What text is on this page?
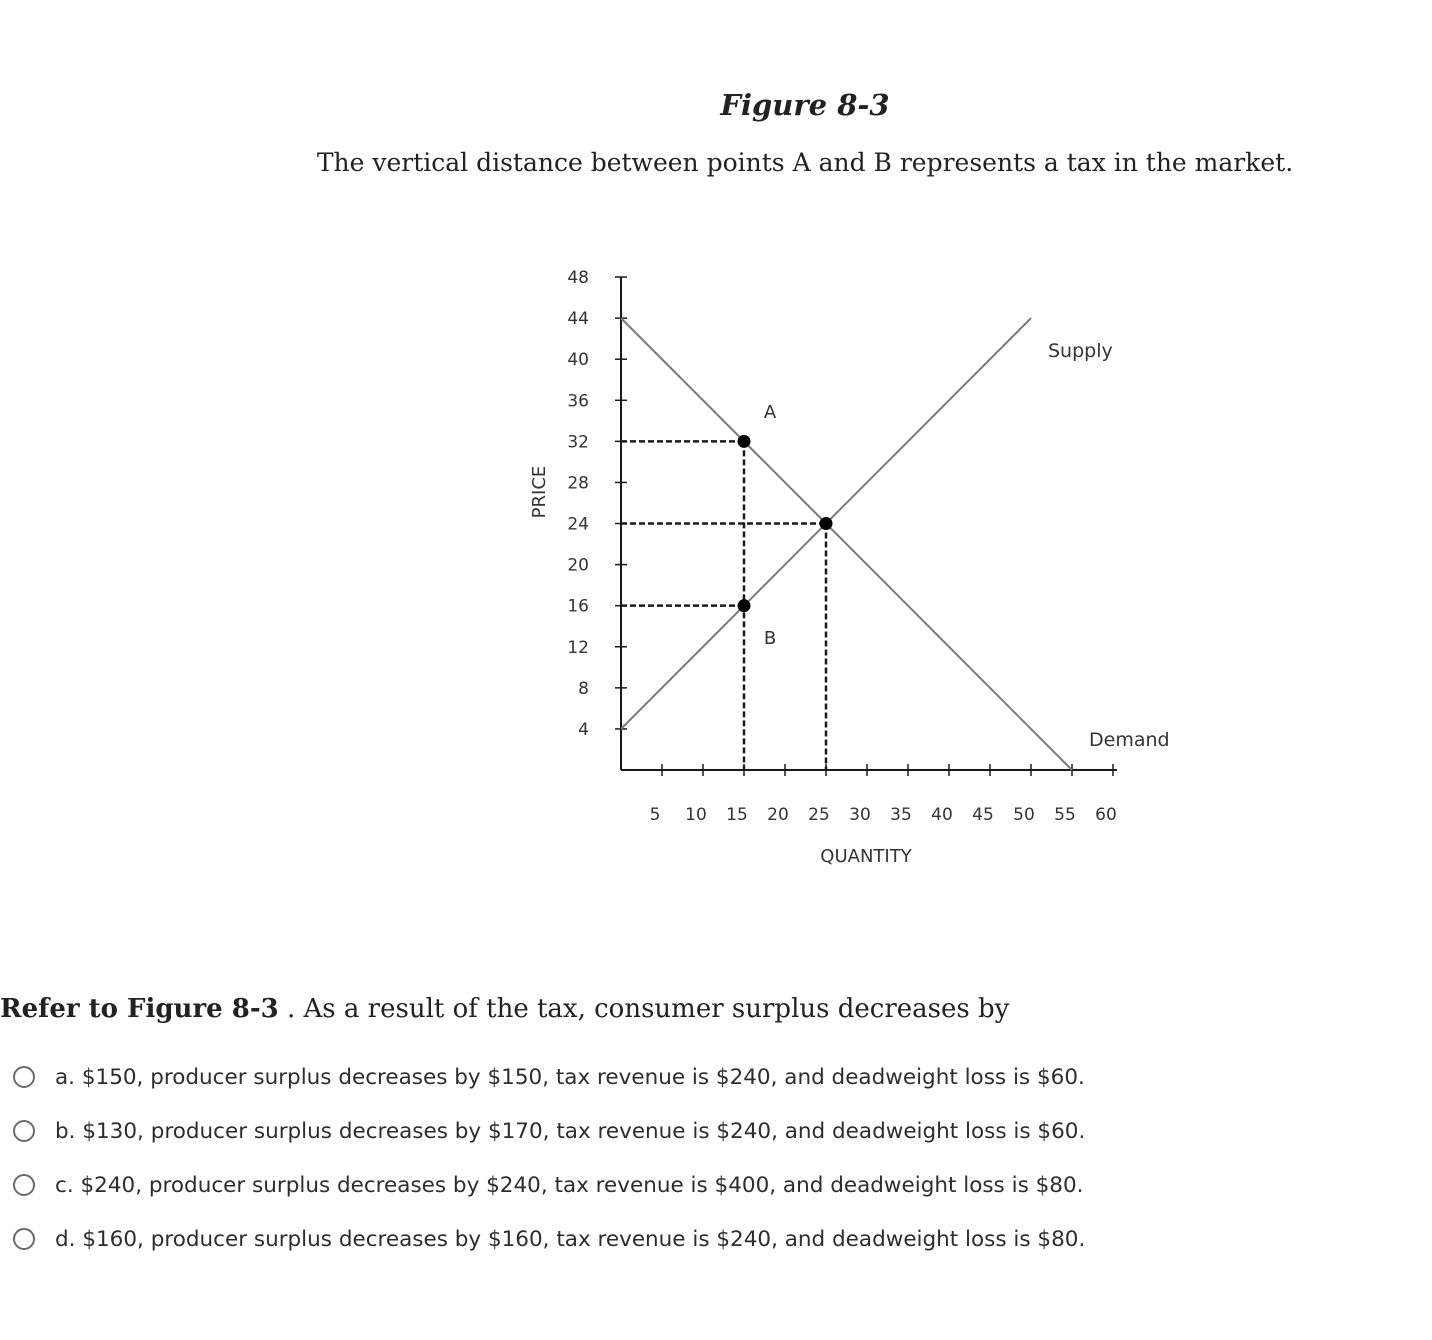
Figure 8-3

The vertical distance between points A and B represents a tax in the market.

4
8
12
16
20
24
28
32
36
40
44
48
5 10 15 20 25 30 35 40 45 50 55 60
QUANTITY
PRICE
Supply
Demand
A
B

Refer to Figure 8-3 . As a result of the tax, consumer surplus decreases by

a. $150, producer surplus decreases by $150, tax revenue is $240, and deadweight loss is $60.
b. $130, producer surplus decreases by $170, tax revenue is $240, and deadweight loss is $60.
c. $240, producer surplus decreases by $240, tax revenue is $400, and deadweight loss is $80.
d. $160, producer surplus decreases by $160, tax revenue is $240, and deadweight loss is $80.
